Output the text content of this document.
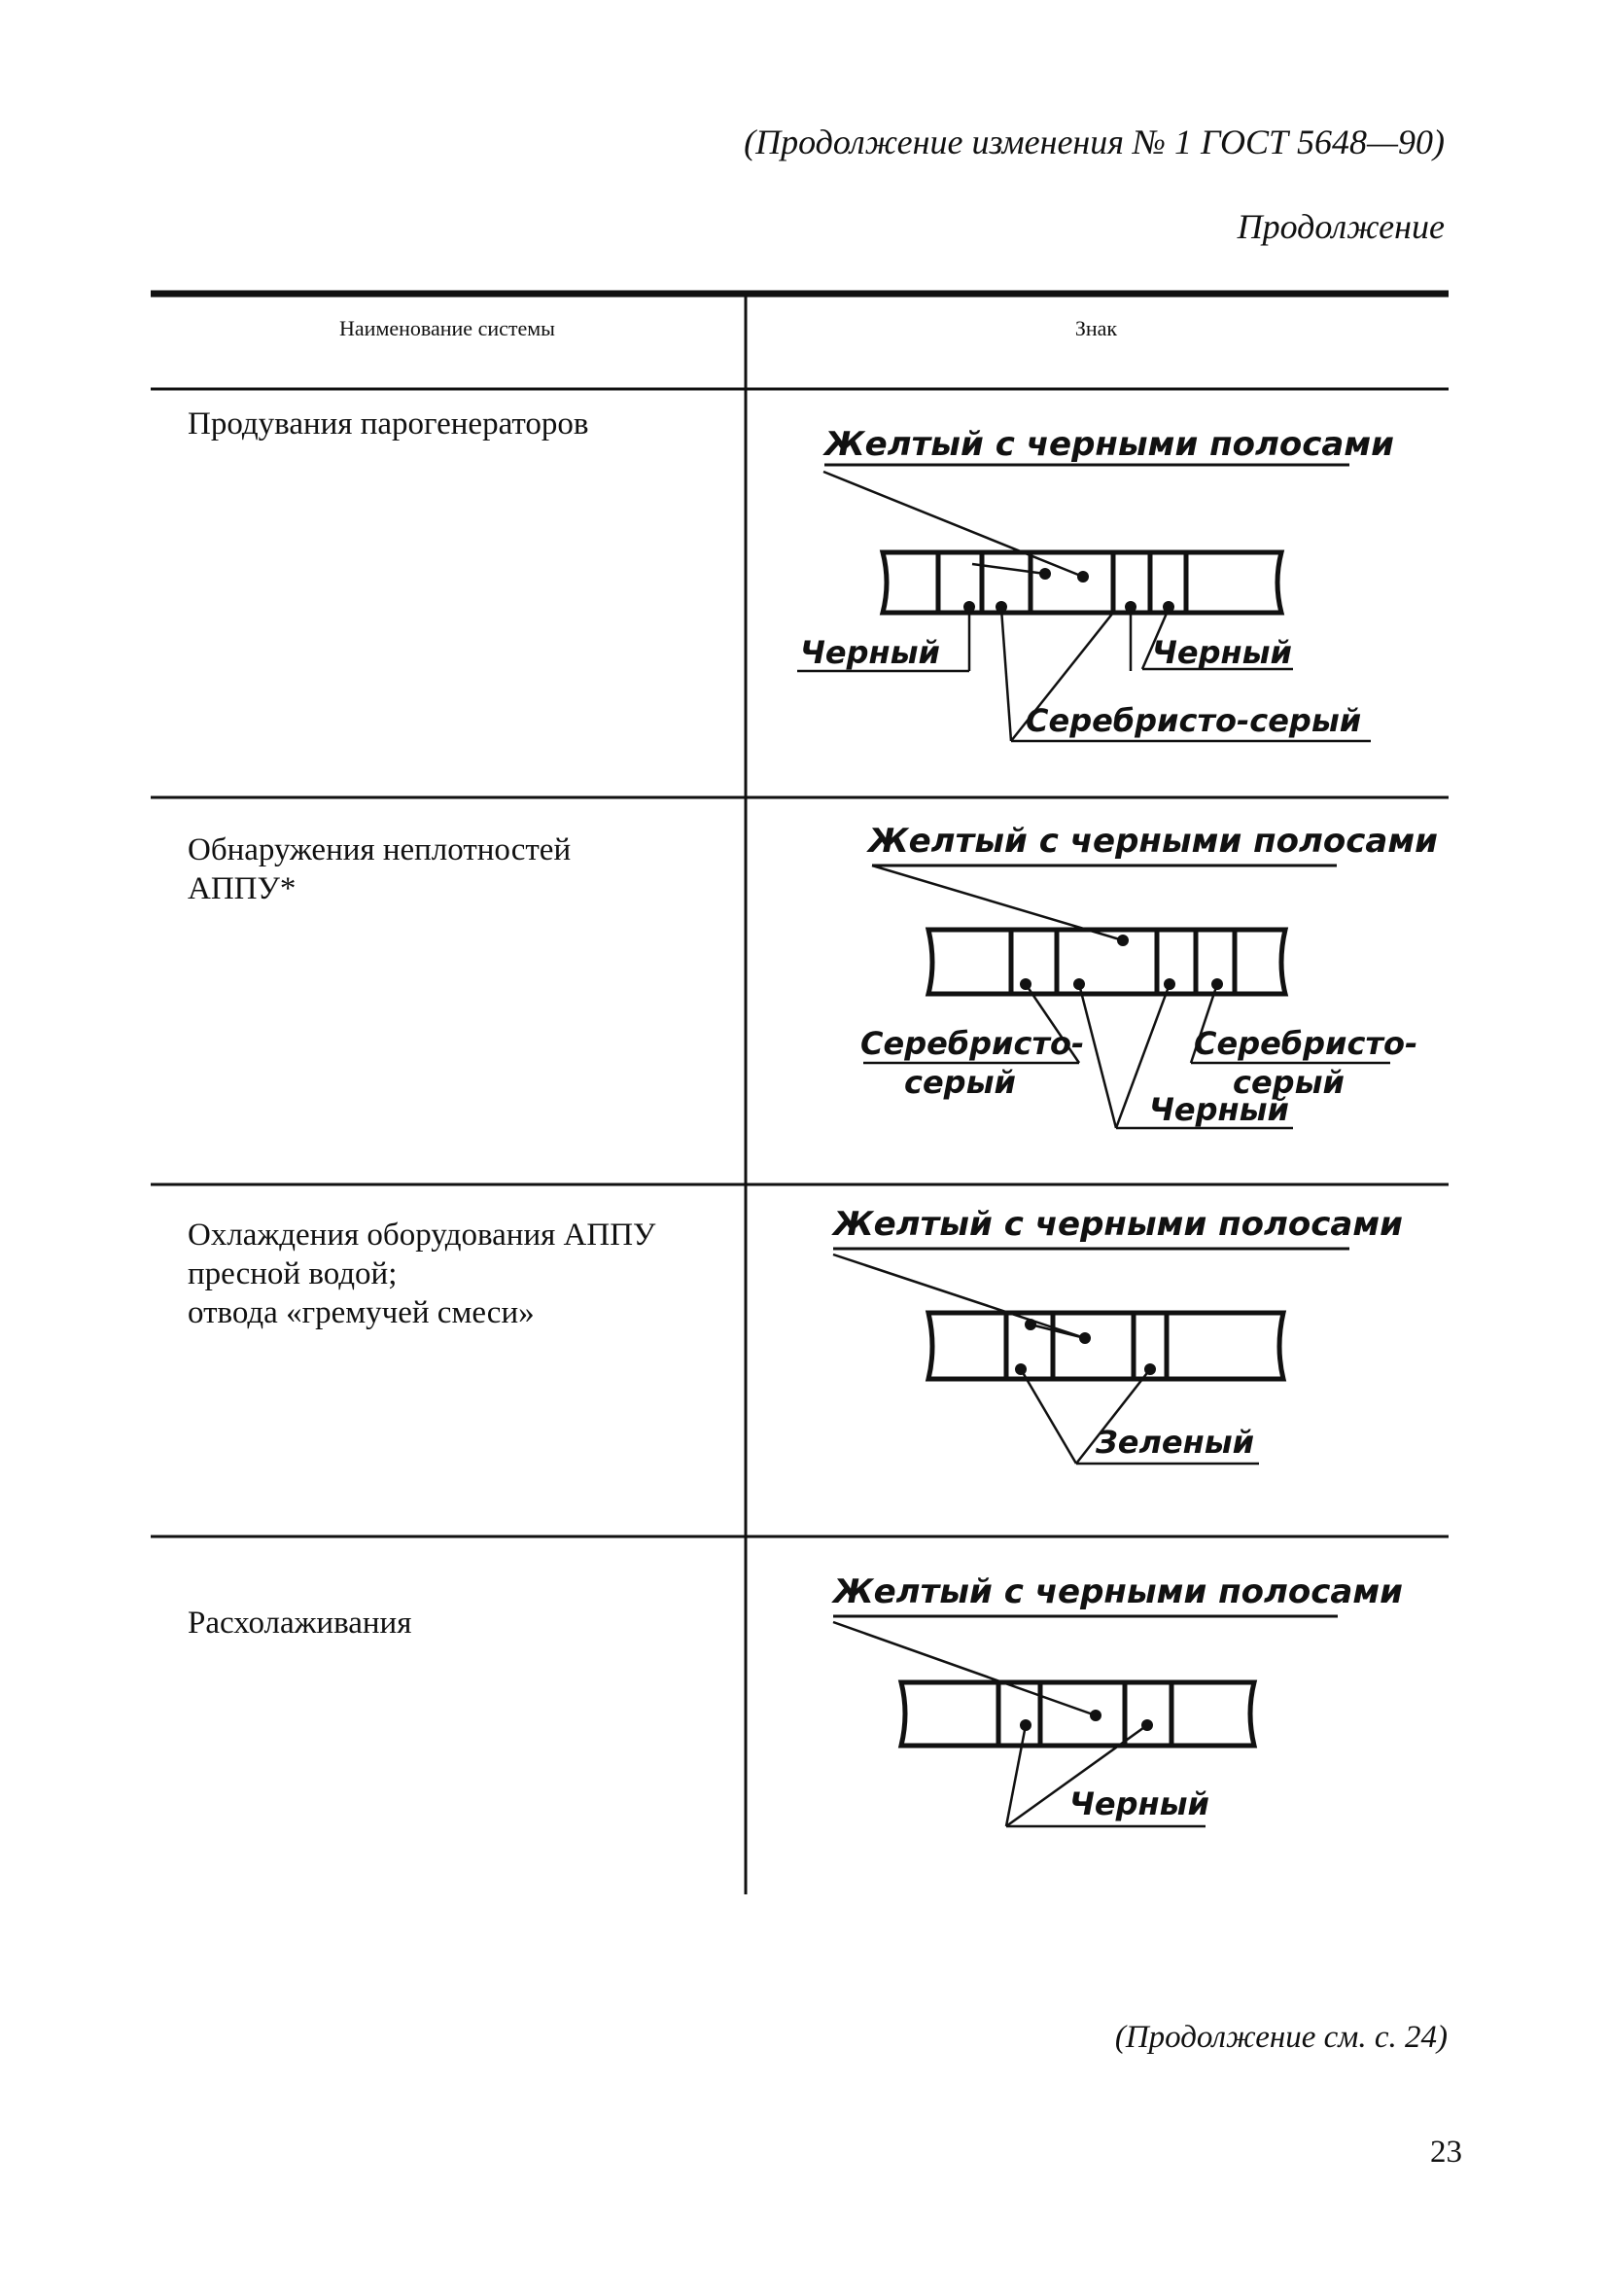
(Продолжение изменения № 1 ГОСТ 5648—90)
Продолжение
Желтый с черными полосами
Черный	Черный
Серебристо-серый
Желтый с черными полосами
Серебристо-
серый
Серебристо-
серый
Черный
Желтый с черными полосами
Зеленый
Желтый с черными полосами
Черный
Наименование системы	Знак
Продувания парогенераторов
Обнаружения неплотностей
АППУ*
Охлаждения оборудования АППУ
пресной водой;
отвода «гремучей смеси»
Расхолаживания
(Продолжение см. с. 24)
23
